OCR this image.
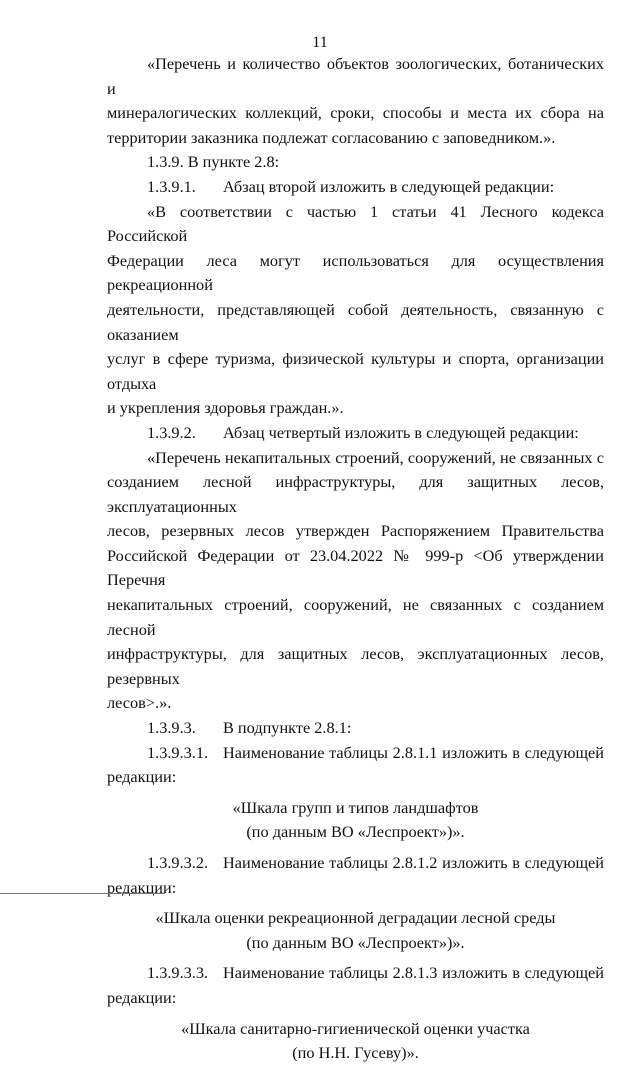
11
«Перечень и количество объектов зоологических, ботанических и
минералогических коллекций, сроки, способы и места их сбора на
территории заказника подлежат согласованию с заповедником.».
1.3.9. В пункте 2.8:
1.3.9.1. Абзац второй изложить в следующей редакции:
«В соответствии с частью 1 статьи 41 Лесного кодекса Российской
Федерации леса могут использоваться для осуществления рекреационной
деятельности, представляющей собой деятельность, связанную с оказанием
услуг в сфере туризма, физической культуры и спорта, организации отдыха
и укрепления здоровья граждан.».
1.3.9.2. Абзац четвертый изложить в следующей редакции:
«Перечень некапитальных строений, сооружений, не связанных с
созданием лесной инфраструктуры, для защитных лесов, эксплуатационных
лесов, резервных лесов утвержден Распоряжением Правительства
Российской Федерации от 23.04.2022 № 999-р <Об утверждении Перечня
некапитальных строений, сооружений, не связанных с созданием лесной
инфраструктуры, для защитных лесов, эксплуатационных лесов, резервных
лесов>.».
1.3.9.3. В подпункте 2.8.1:
1.3.9.3.1. Наименование таблицы 2.8.1.1 изложить в следующей
редакции:
«Шкала групп и типов ландшафтов
(по данным ВО «Леспроект»)».
1.3.9.3.2. Наименование таблицы 2.8.1.2 изложить в следующей
редакции:
«Шкала оценки рекреационной деградации лесной среды
(по данным ВО «Леспроект»)».
1.3.9.3.3. Наименование таблицы 2.8.1.3 изложить в следующей
редакции:
«Шкала санитарно-гигиенической оценки участка
(по Н.Н. Гусеву)».
